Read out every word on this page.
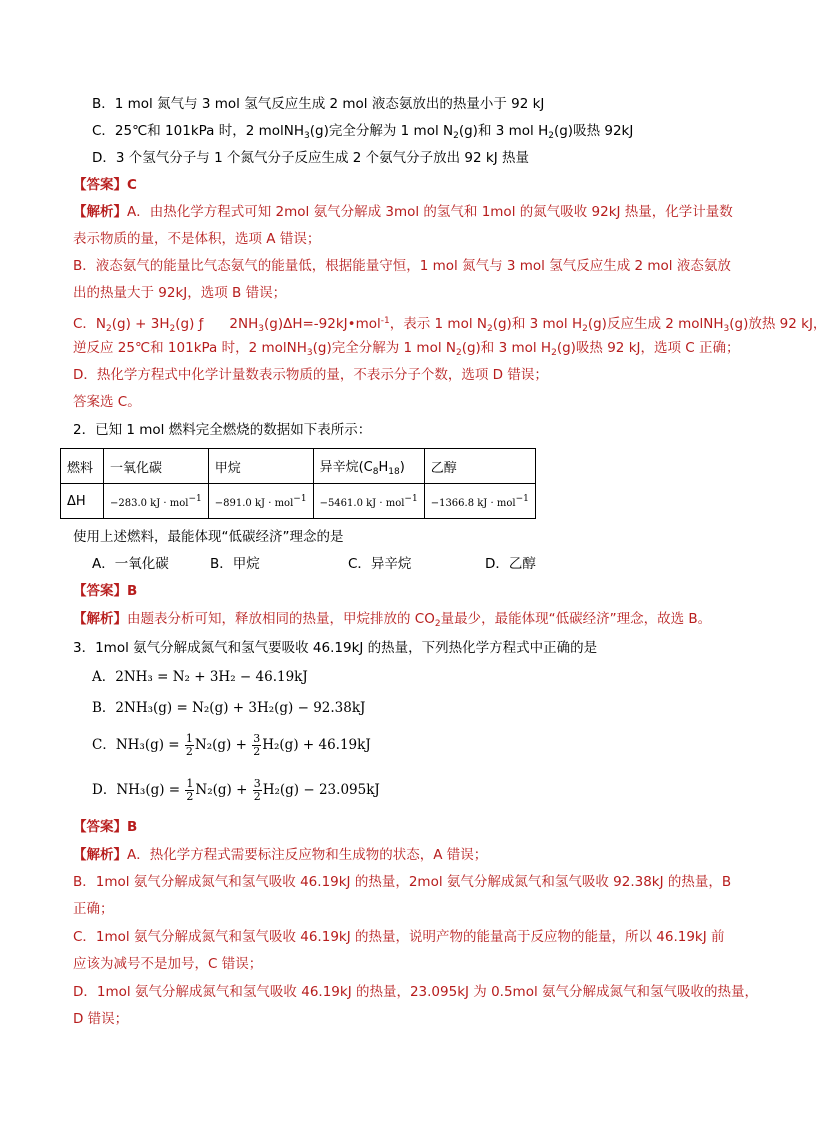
B．1 mol 氮气与 3 mol 氢气反应生成 2 mol 液态氨放出的热量小于 92 kJ
C．25℃和 101kPa 时，2 molNH$_3$(g)完全分解为 1 mol $N_2(g)$和 3 mol $H_2(g)$吸热 92kJ
D．3 个氢气分子与 1 个氮气分子反应生成 2 个氨气分子放出 92 kJ 热量
【答案】C
【解析】A．由热化学方程式可知 2mol 氨气分解成 3mol 的氢气和 1mol 的氮气吸收 92kJ 热量，化学计量数
表示物质的量，不是体积，选项 A 错误；
B．液态氨气的能量比气态氨气的能量低，根据能量守恒，1 mol 氮气与 3 mol 氢气反应生成 2 mol 液态氨放
出的热量大于 92kJ，选项 B 错误；
C．$N_2(g) + 3H_2(g)$ ƒ $2NH_3(g)\Delta H=-92kJ•mol^{-1}$，表示 1 mol $N_2(g)$和 3 mol $H_2(g)$反应生成 2 molNH$_3$(g)放热 92 kJ，
逆反应 25℃和 101kPa 时，2 molNH$_3$(g)完全分解为 1 mol $N_2(g)$和 3 mol $H_2(g)$吸热 92 kJ，选项 C 正确；
D．热化学方程式中化学计量数表示物质的量，不表示分子个数，选项 D 错误；
答案选 C。
2．已知 1 mol 燃料完全燃烧的数据如下表所示：
燃料	一氧化碳	甲烷	异辛烷$(C_8H_{18})$	乙醇
ΔH	−283.0 kJ · mol$^{-1}$	−891.0 kJ · mol$^{-1}$	−5461.0 kJ · mol$^{-1}$	−1366.8 kJ · mol$^{-1}$
使用上述燃料，最能体现“低碳经济”理念的是
A．一氧化碳	B．甲烷	C．异辛烷	D．乙醇
【答案】B
【解析】由题表分析可知，释放相同的热量，甲烷排放的 $CO_2$量最少，最能体现“低碳经济”理念，故选 B。
3．1mol 氨气分解成氮气和氢气要吸收 46.19kJ 的热量，下列热化学方程式中正确的是
A．2NH₃ = N₂ + 3H₂ − 46.19kJ
B．2NH₃(g) = N₂(g) + 3H₂(g) − 92.38kJ
C．$NH_3(g) = \frac{1}{2} N_2(g) + \frac{3}{2} H_2(g) + 46.19kJ$
D．$NH_3(g) = \frac{1}{2} N_2(g) + \frac{3}{2} H_2(g) - 23.095kJ$
【答案】B
【解析】A．热化学方程式需要标注反应物和生成物的状态，A 错误；
B．1mol 氨气分解成氮气和氢气吸收 46.19kJ 的热量，2mol 氨气分解成氮气和氢气吸收 92.38kJ 的热量，B
正确；
C．1mol 氨气分解成氮气和氢气吸收 46.19kJ 的热量，说明产物的能量高于反应物的能量，所以 46.19kJ 前
应该为减号不是加号，C 错误；
D．1mol 氨气分解成氮气和氢气吸收 46.19kJ 的热量，23.095kJ 为 0.5mol 氨气分解成氮气和氢气吸收的热量，
D 错误；
